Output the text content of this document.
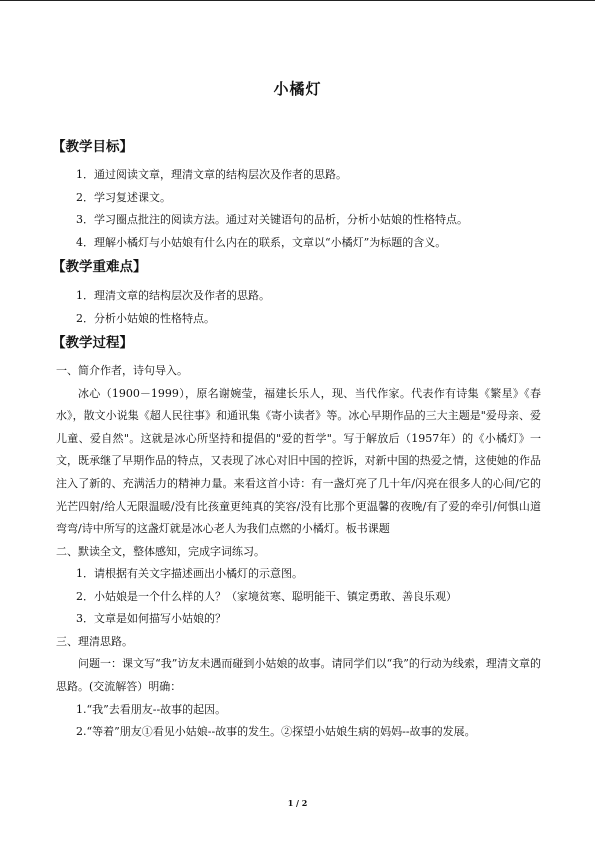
小橘灯
【教学目标】
1．通过阅读文章，理清文章的结构层次及作者的思路。
2．学习复述课文。
3．学习圈点批注的阅读方法。通过对关键语句的品析，分析小姑娘的性格特点。
4．理解小橘灯与小姑娘有什么内在的联系，文章以“小橘灯”为标题的含义。
【教学重难点】
1．理清文章的结构层次及作者的思路。
2．分析小姑娘的性格特点。
【教学过程】

一、简介作者，诗句导入。

冰心（1900－1999），原名谢婉莹，福建长乐人，现、当代作家。代表作有诗集《繁星》《春水》，散文小说集《超人民往事》和通讯集《寄小读者》等。冰心早期作品的三大主题是"爱母亲、爱儿童、爱自然"。这就是冰心所坚持和提倡的"爱的哲学"。写于解放后（1957年）的《小橘灯》一文，既承继了早期作品的特点，又表现了冰心对旧中国的控诉，对新中国的热爱之情，这使她的作品注入了新的、充满活力的精神力量。来看这首小诗：有一盏灯亮了几十年/闪亮在很多人的心间/它的光芒四射/给人无限温暖/没有比孩童更纯真的笑容/没有比那个更温馨的夜晚/有了爱的牵引/何惧山道弯弯/诗中所写的这盏灯就是冰心老人为我们点燃的小橘灯。板书课题

二、默读全文，整体感知，完成字词练习。

1．请根据有关文字描述画出小橘灯的示意图。
2．小姑娘是一个什么样的人？（家境贫寒、聪明能干、镇定勇敢、善良乐观）
3．文章是如何描写小姑娘的？

三、理清思路。

问题一：课文写“我”访友未遇而碰到小姑娘的故事。请同学们以“我”的行动为线索，理清文章的思路。(交流解答）明确：

1.“我”去看朋友--故事的起因。
2.“等着”朋友①看见小姑娘--故事的发生。②探望小姑娘生病的妈妈--故事的发展。
1 / 2
